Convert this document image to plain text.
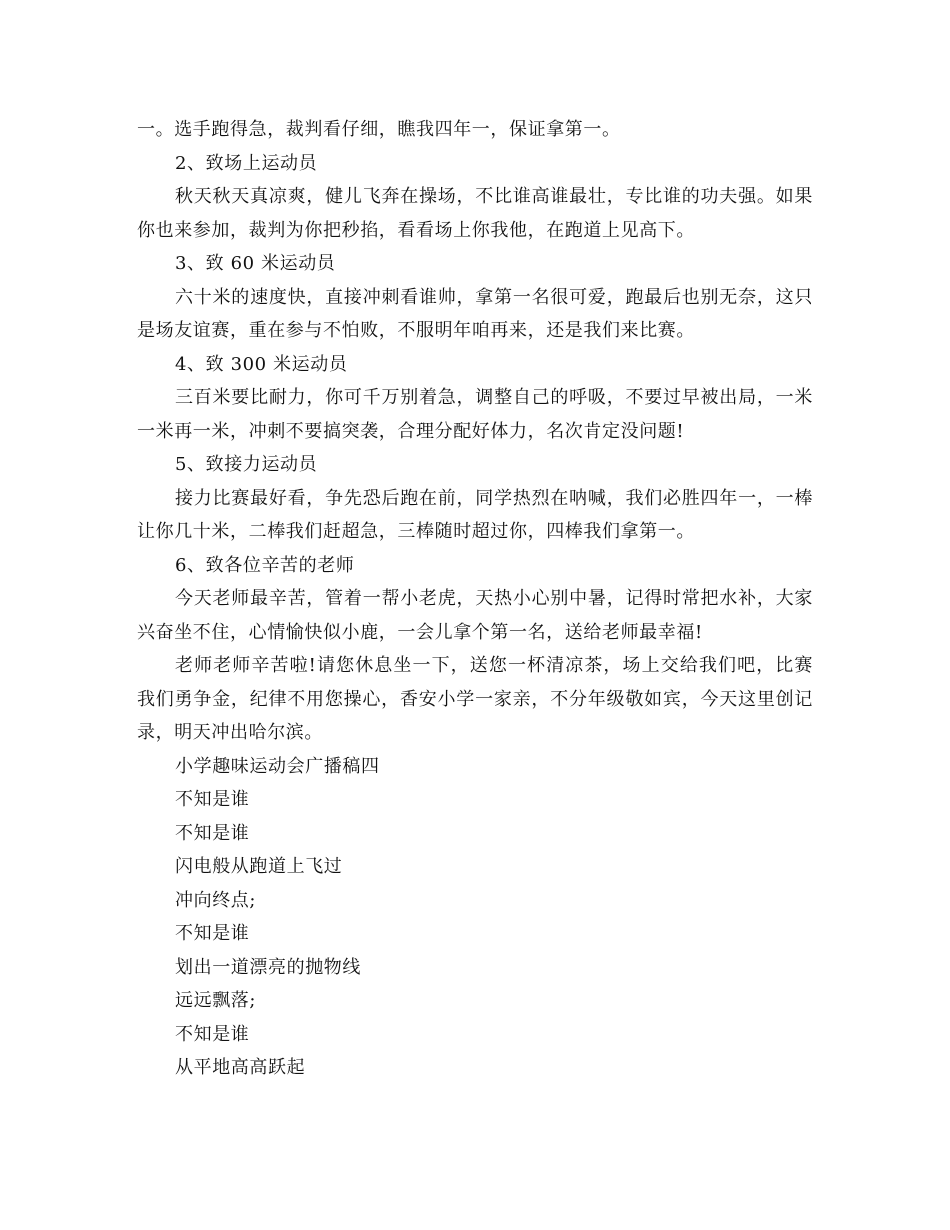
一。选手跑得急，裁判看仔细，瞧我四年一，保证拿第一。

2、致场上运动员

秋天秋天真凉爽，健儿飞奔在操场，不比谁高谁最壮，专比谁的功夫强。如果你也来参加，裁判为你把秒掐，看看场上你我他，在跑道上见高下。

3、致 60 米运动员

六十米的速度快，直接冲刺看谁帅，拿第一名很可爱，跑最后也别无奈，这只是场友谊赛，重在参与不怕败，不服明年咱再来，还是我们来比赛。

4、致 300 米运动员

三百米要比耐力，你可千万别着急，调整自己的呼吸，不要过早被出局，一米一米再一米，冲刺不要搞突袭，合理分配好体力，名次肯定没问题!

5、致接力运动员

接力比赛最好看，争先恐后跑在前，同学热烈在呐喊，我们必胜四年一，一棒让你几十米，二棒我们赶超急，三棒随时超过你，四棒我们拿第一。

6、致各位辛苦的老师

今天老师最辛苦，管着一帮小老虎，天热小心别中暑，记得时常把水补，大家兴奋坐不住，心情愉快似小鹿，一会儿拿个第一名，送给老师最幸福!

老师老师辛苦啦!请您休息坐一下，送您一杯清凉茶，场上交给我们吧，比赛我们勇争金，纪律不用您操心，香安小学一家亲，不分年级敬如宾，今天这里创记录，明天冲出哈尔滨。

小学趣味运动会广播稿四

不知是谁

不知是谁

闪电般从跑道上飞过

冲向终点;

不知是谁

划出一道漂亮的抛物线

远远飘落;

不知是谁

从平地高高跃起
